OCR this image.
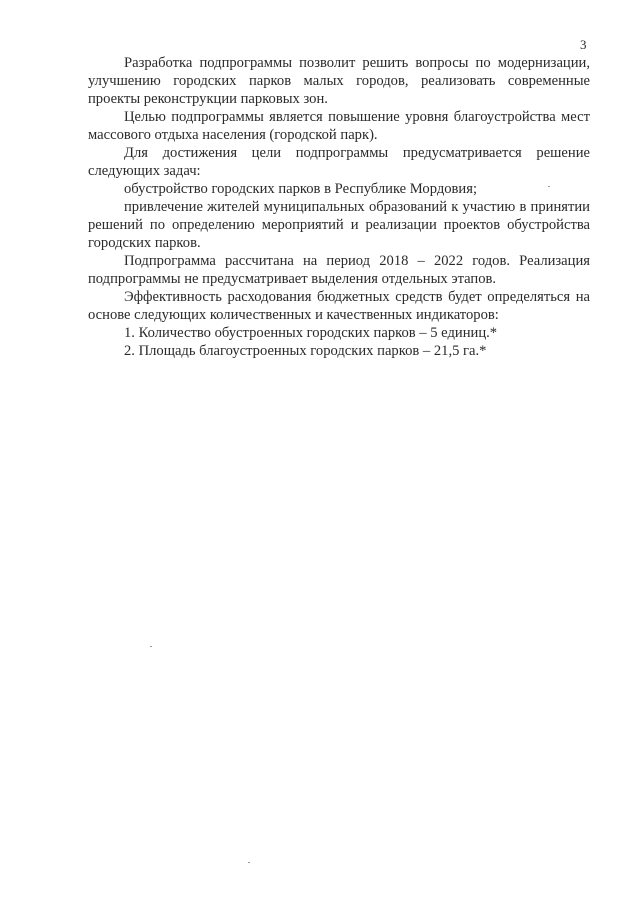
3

Разработка подпрограммы позволит решить вопросы по модернизации, улучшению городских парков малых городов, реализовать современные проекты реконструкции парковых зон.

Целью подпрограммы является повышение уровня благоустройства мест массового отдыха населения (городской парк).

Для достижения цели подпрограммы предусматривается решение следующих задач:

обустройство городских парков в Республике Мордовия;

привлечение жителей муниципальных образований к участию в принятии решений по определению мероприятий и реализации проектов обустройства городских парков.

Подпрограмма рассчитана на период 2018 – 2022 годов. Реализация подпрограммы не предусматривает выделения отдельных этапов.

Эффективность расходования бюджетных средств будет определяться на основе следующих количественных и качественных индикаторов:

1. Количество обустроенных городских парков – 5 единиц.*

2. Площадь благоустроенных городских парков – 21,5 га.*
